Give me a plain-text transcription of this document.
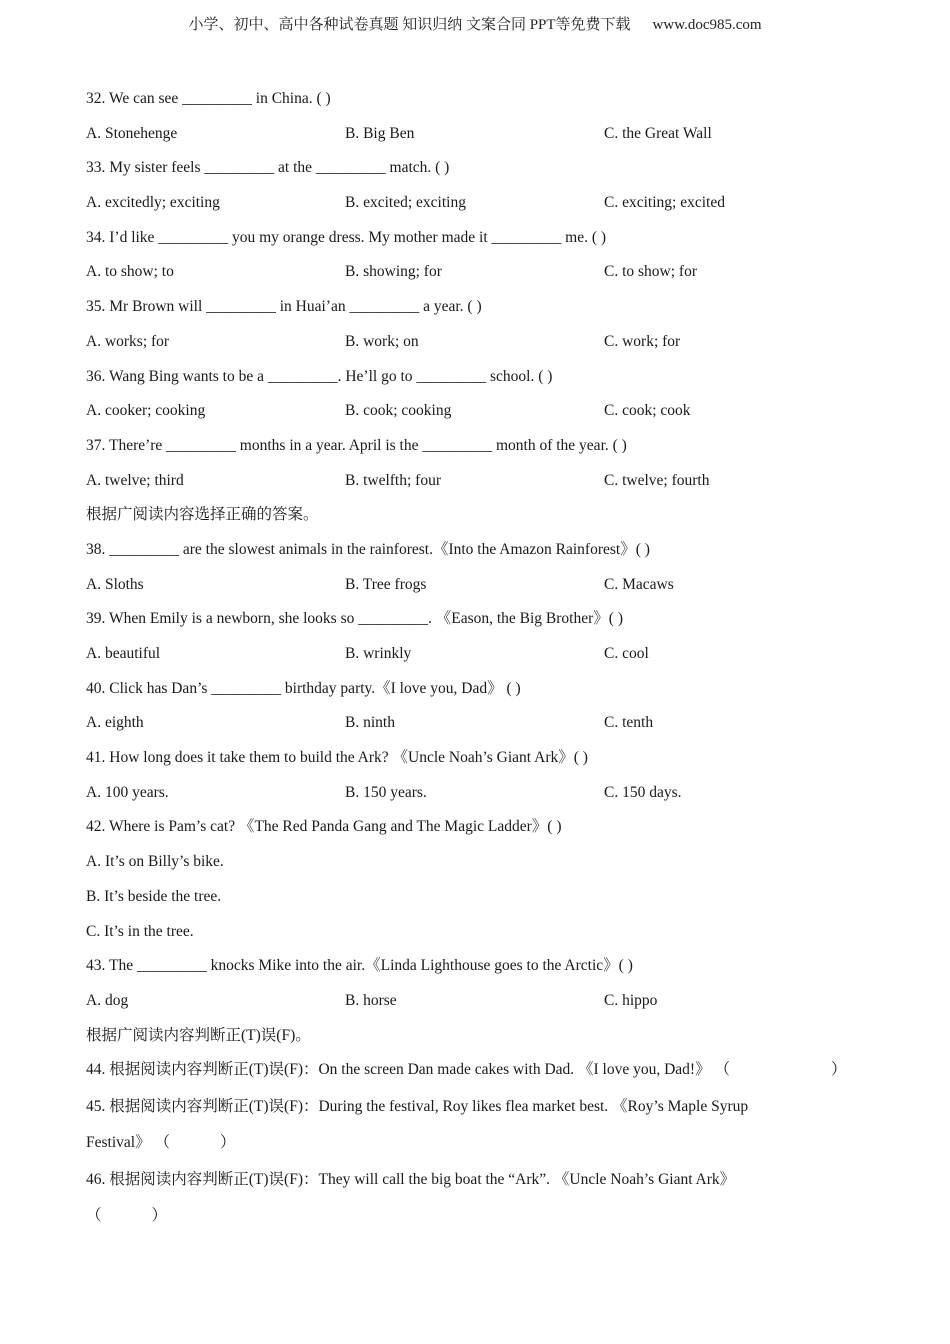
小学、初中、高中各种试卷真题 知识归纳 文案合同 PPT等免费下载 www.doc985.com
32. We can see _________ in China. ( )
A. Stonehenge	B. Big Ben	C. the Great Wall
33. My sister feels _________ at the _________ match. ( )
A. excitedly; exciting	B. excited; exciting	C. exciting; excited
34. I’d like _________ you my orange dress. My mother made it _________ me. ( )
A. to show; to	B. showing; for	C. to show; for
35. Mr Brown will _________ in Huai’an _________ a year. ( )
A. works; for	B. work; on	C. work; for
36. Wang Bing wants to be a _________. He’ll go to _________ school. ( )
A. cooker; cooking	B. cook; cooking	C. cook; cook
37. There’re _________ months in a year. April is the _________ month of the year. ( )
A. twelve; third	B. twelfth; four	C. twelve; fourth
根据广阅读内容选择正确的答案。
38. _________ are the slowest animals in the rainforest.《Into the Amazon Rainforest》( )
A. Sloths	B. Tree frogs	C. Macaws
39. When Emily is a newborn, she looks so _________. 《Eason, the Big Brother》( )
A. beautiful	B. wrinkly	C. cool
40. Click has Dan’s _________ birthday party.《I love you, Dad》 ( )
A. eighth	B. ninth	C. tenth
41. How long does it take them to build the Ark? 《Uncle Noah’s Giant Ark》( )
A. 100 years.	B. 150 years.	C. 150 days.
42. Where is Pam’s cat? 《The Red Panda Gang and The Magic Ladder》( )
A. It’s on Billy’s bike.
B. It’s beside the tree.
C. It’s in the tree.
43. The _________ knocks Mike into the air.《Linda Lighthouse goes to the Arctic》( )
A. dog	B. horse	C. hippo
根据广阅读内容判断正(T)误(F)。
44. 根据阅读内容判断正(T)误(F)：On the screen Dan made cakes with Dad. 《I love you, Dad!》 （	）
45. 根据阅读内容判断正(T)误(F)：During the festival, Roy likes flea market best. 《Roy’s Maple Syrup
Festival》 （	）
46. 根据阅读内容判断正(T)误(F)：They will call the big boat the “Ark”. 《Uncle Noah’s Giant Ark》
（	）
